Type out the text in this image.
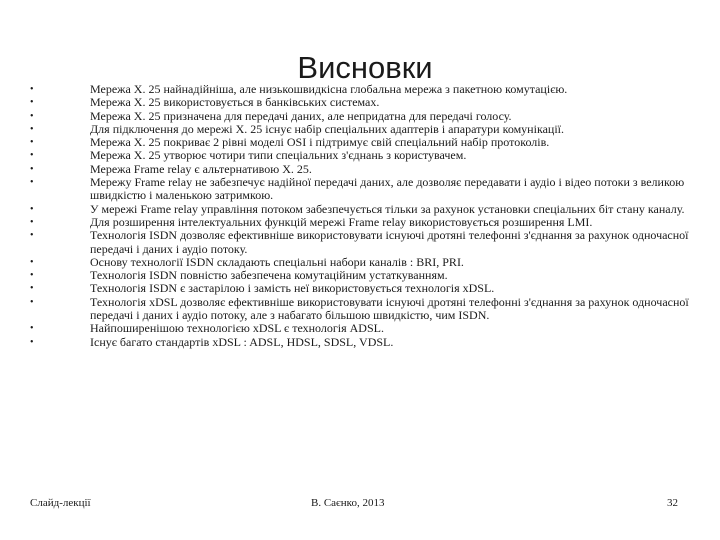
Висновки
•	Мережа X. 25 найнадійніша, але низькошвидкісна глобальна мережа з пакетною комутацією.
•	Мережа X. 25 використовується в банківських системах.
•	Мережа X. 25 призначена для передачі даних, але непридатна для передачі голосу.
•	Для підключення до мережі X. 25 існує набір спеціальних адаптерів і апаратури комунікації.
•	Мережа X. 25 покриває 2 рівні моделі OSI і підтримує свій спеціальний набір протоколів.
•	Мережа X. 25 утворює чотири типи спеціальних з'єднань з користувачем.
•	Мережа Frame relay є альтернативою X. 25.
•	Мережу Frame relay не забезпечує надійної передачі даних, але дозволяє передавати і аудіо і відео потоки з великою швидкістю і маленькою затримкою.
•	У мережі Frame relay управління потоком забезпечується тільки за рахунок установки спеціальних біт стану каналу.
•	Для розширення інтелектуальних функцій мережі Frame relay використовується розширення LMI.
•	Технологія ISDN дозволяє ефективніше використовувати існуючі дротяні телефонні з'єднання за рахунок одночасної передачі і даних і аудіо потоку.
•	Основу технології ISDN складають спеціальні набори каналів : BRI, PRI.
•	Технологія ISDN повністю забезпечена комутаційним устаткуванням.
•	Технологія ISDN є застарілою і замість неї використовується технологія xDSL.
•	Технологія xDSL дозволяє ефективніше використовувати існуючі дротяні телефонні з'єднання за рахунок одночасної передачі і даних і аудіо потоку, але з набагато більшою швидкістю, чим ISDN.
•	Найпоширенішою технологією xDSL є технологія ADSL.
•	Існує багато стандартів xDSL : ADSL, HDSL, SDSL, VDSL.
Слайд-лекції	В. Саєнко, 2013	32
